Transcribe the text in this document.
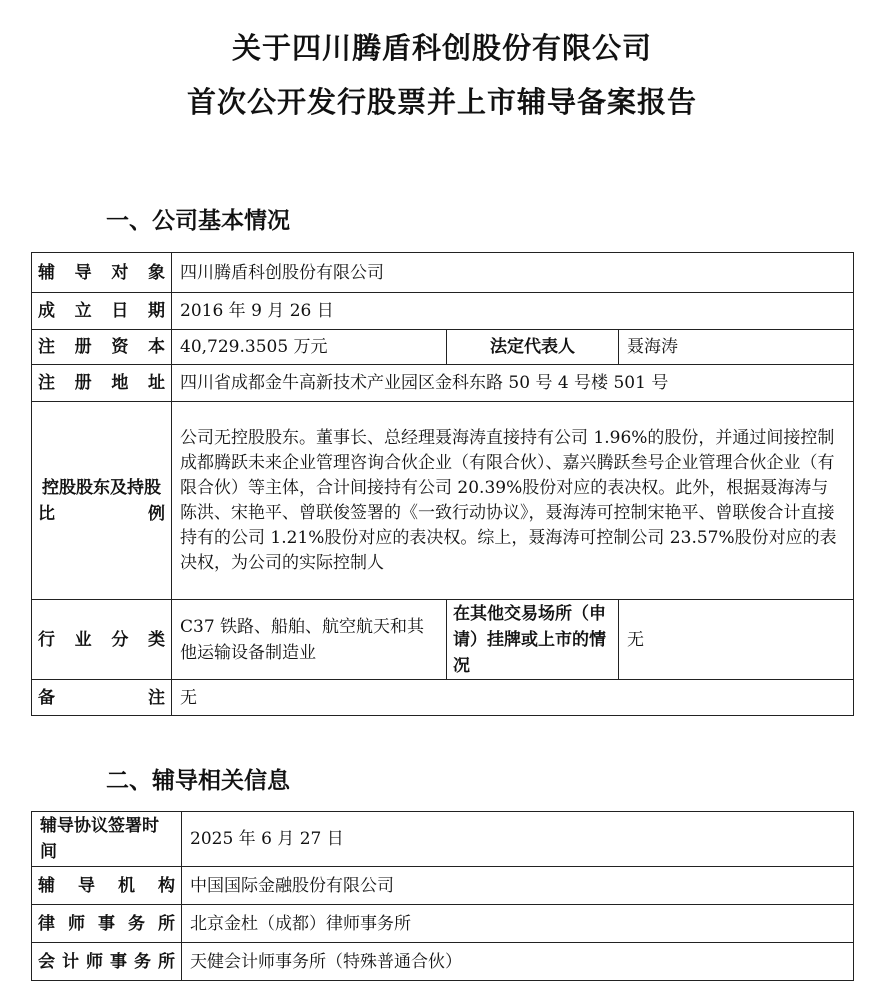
关于四川腾盾科创股份有限公司
首次公开发行股票并上市辅导备案报告
一、公司基本情况
辅 导 对 象	四川腾盾科创股份有限公司		
成 立 日 期	2016 年 9 月 26 日		
注 册 资 本	40,729.3505 万元	法定代表人	聂海涛
注 册 地 址	四川省成都金牛高新技术产业园区金科东路 50 号 4 号楼 501 号		
控股股东及持股比例	公司无控股股东。董事长、总经理聂海涛直接持有公司 1.96%的股份，并通过间接控制成都腾跃未来企业管理咨询合伙企业（有限合伙）、嘉兴腾跃叁号企业管理合伙企业（有限合伙）等主体，合计间接持有公司 20.39%股份对应的表决权。此外，根据聂海涛与陈洪、宋艳平、曾联俊签署的《一致行动协议》，聂海涛可控制宋艳平、曾联俊合计直接持有的公司 1.21%股份对应的表决权。综上，聂海涛可控制公司 23.57%股份对应的表决权，为公司的实际控制人		
行 业 分 类	C37 铁路、船舶、航空航天和其他运输设备制造业	在其他交易场所（申请）挂牌或上市的情况	无
备 注	无		
二、辅导相关信息
辅导协议签署时间	2025 年 6 月 27 日
辅 导 机 构	中国国际金融股份有限公司
律师事务所	北京金杜（成都）律师事务所
会计师事务所	天健会计师事务所（特殊普通合伙）
